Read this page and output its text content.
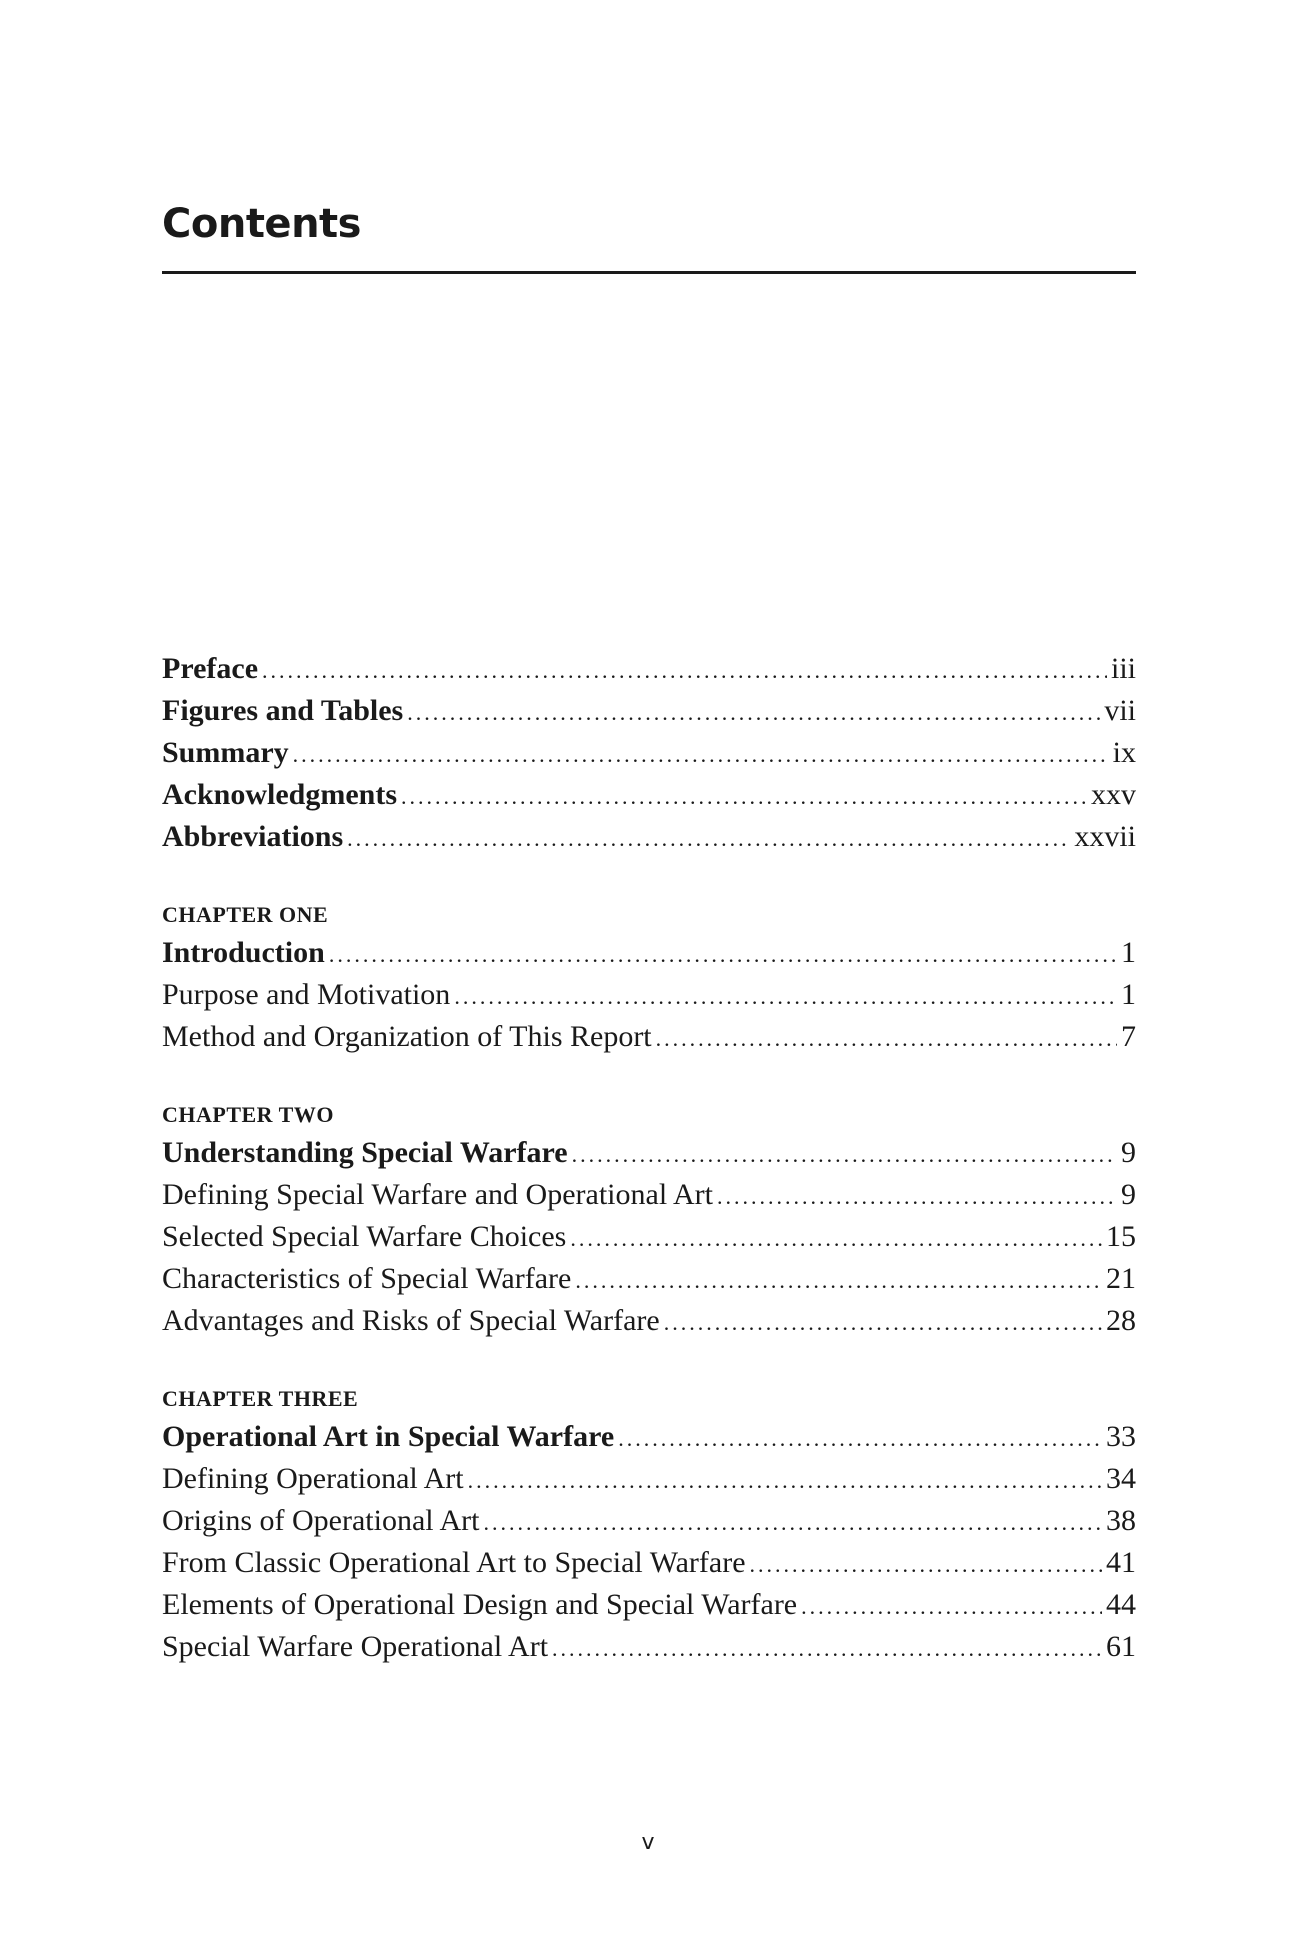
Contents
Preface .....	iii
Figures and Tables .....	vii
Summary .....	ix
Acknowledgments .....	xxv
Abbreviations .....	xxvii
CHAPTER ONE
Introduction .....	1
Purpose and Motivation .....	1
Method and Organization of This Report .....	7
CHAPTER TWO
Understanding Special Warfare .....	9
Defining Special Warfare and Operational Art .....	9
Selected Special Warfare Choices .....	15
Characteristics of Special Warfare .....	21
Advantages and Risks of Special Warfare .....	28
CHAPTER THREE
Operational Art in Special Warfare .....	33
Defining Operational Art .....	34
Origins of Operational Art .....	38
From Classic Operational Art to Special Warfare .....	41
Elements of Operational Design and Special Warfare .....	44
Special Warfare Operational Art .....	61
v
